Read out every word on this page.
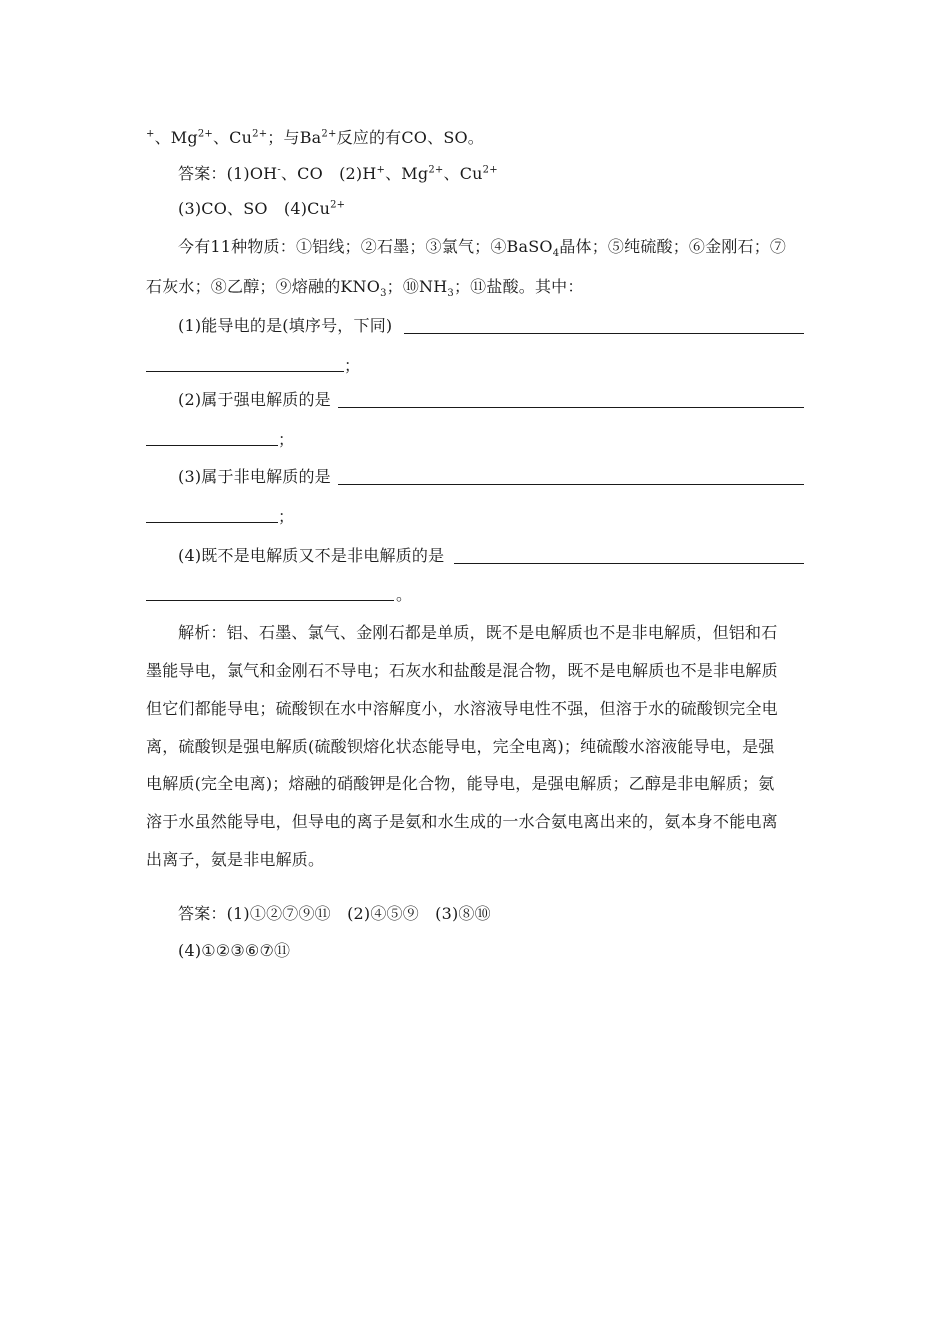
+、$Mg^{2+}$、$Cu^{2+}$；与$Ba^{2+}$反应的有CO、SO。
答案：(1)OH-、CO　(2)H+、$Mg^{2+}$、$Cu^{2+}$
(3)CO、SO　$(4)Cu^{2+}$
今有11种物质：①铝线；②石墨；③氯气；④BaSO$_4$晶体；⑤纯硫酸；⑥金刚石；⑦
石灰水；⑧乙醇；⑨熔融的$KNO_3$；$⑩NH_3$；⑪盐酸。其中：
(1)能导电的是(填序号，下同)
；
(2)属于强电解质的是
；
(3)属于非电解质的是
；
(4)既不是电解质又不是非电解质的是
。
解析：铝、石墨、氯气、金刚石都是单质，既不是电解质也不是非电解质，但铝和石
墨能导电，氯气和金刚石不导电；石灰水和盐酸是混合物，既不是电解质也不是非电解质
但它们都能导电；硫酸钡在水中溶解度小，水溶液导电性不强，但溶于水的硫酸钡完全电
离，硫酸钡是强电解质(硫酸钡熔化状态能导电，完全电离)；纯硫酸水溶液能导电，是强
电解质(完全电离)；熔融的硝酸钾是化合物，能导电，是强电解质；乙醇是非电解质；氨
溶于水虽然能导电，但导电的离子是氨和水生成的一水合氨电离出来的，氨本身不能电离
出离子，氨是非电解质。
答案：(1)①②⑦⑨⑪　(2)④⑤⑨　(3)⑧⑩
(4)①②③⑥⑦⑪
